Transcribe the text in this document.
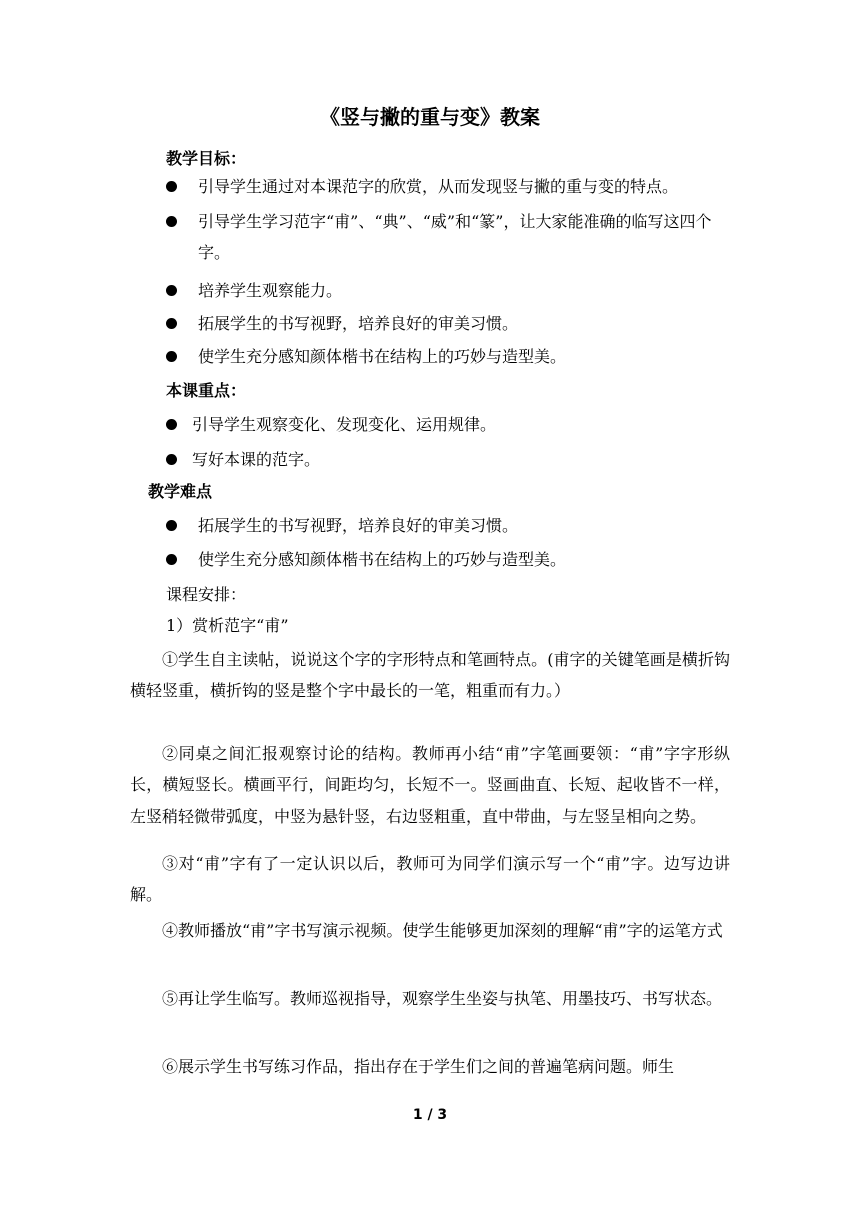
《竖与撇的重与变》教案
教学目标：
引导学生通过对本课范字的欣赏，从而发现竖与撇的重与变的特点。
引导学生学习范字“甫”、“典”、“威”和“篆”，让大家能准确的临写这四个字。
培养学生观察能力。
拓展学生的书写视野，培养良好的审美习惯。
使学生充分感知颜体楷书在结构上的巧妙与造型美。
本课重点：
引导学生观察变化、发现变化、运用规律。
写好本课的范字。
教学难点
拓展学生的书写视野，培养良好的审美习惯。
使学生充分感知颜体楷书在结构上的巧妙与造型美。
课程安排：
1）赏析范字“甫”
①学生自主读帖，说说这个字的字形特点和笔画特点。(甫字的关键笔画是横折钩横轻竖重，横折钩的竖是整个字中最长的一笔，粗重而有力。）
②同桌之间汇报观察讨论的结构。教师再小结“甫”字笔画要领：“甫”字字形纵长，横短竖长。横画平行，间距均匀，长短不一。竖画曲直、长短、起收皆不一样，左竖稍轻微带弧度，中竖为悬针竖，右边竖粗重，直中带曲，与左竖呈相向之势。
③对“甫”字有了一定认识以后，教师可为同学们演示写一个“甫”字。边写边讲解。
④教师播放“甫”字书写演示视频。使学生能够更加深刻的理解“甫”字的运笔方式
⑤再让学生临写。教师巡视指导，观察学生坐姿与执笔、用墨技巧、书写状态。
⑥展示学生书写练习作品，指出存在于学生们之间的普遍笔病问题。师生
1 / 3
